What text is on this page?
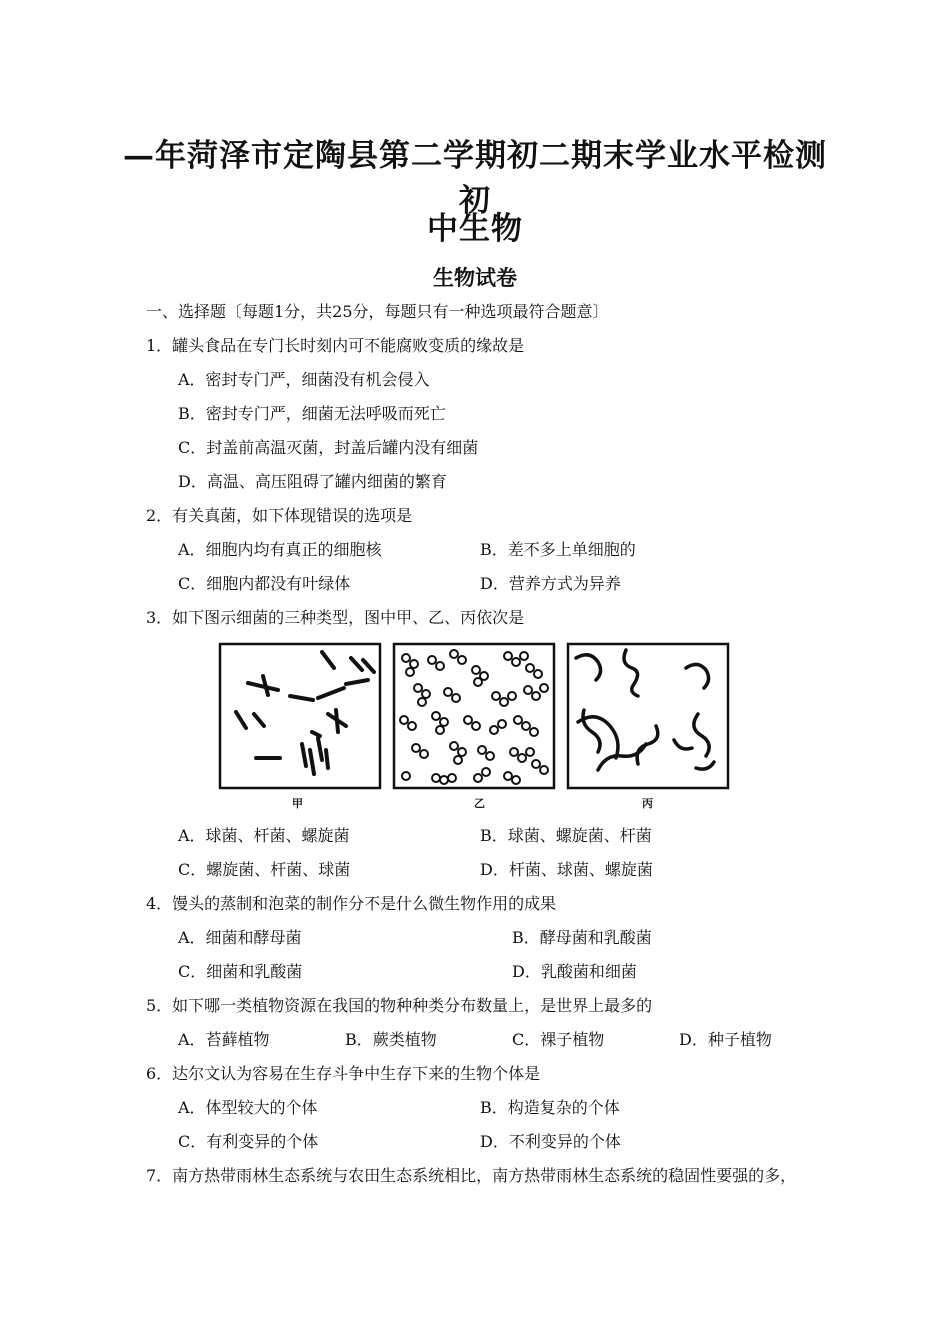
—年菏泽市定陶县第二学期初二期末学业水平检测初
中生物
生物试卷
一、选择题〔每题1分，共25分，每题只有一种选项最符合题意〕
1．罐头食品在专门长时刻内可不能腐败变质的缘故是
A．密封专门严，细菌没有机会侵入
B．密封专门严，细菌无法呼吸而死亡
C．封盖前高温灭菌，封盖后罐内没有细菌
D．高温、高压阻碍了罐内细菌的繁育
2．有关真菌，如下体现错误的选项是
A．细胞内均有真正的细胞核	B．差不多上单细胞的
C．细胞内都没有叶绿体	D．营养方式为异养
3．如下图示细菌的三种类型，图中甲、乙、丙依次是
甲	乙	丙
A．球菌、杆菌、螺旋菌	B．球菌、螺旋菌、杆菌
C．螺旋菌、杆菌、球菌	D．杆菌、球菌、螺旋菌
4．馒头的蒸制和泡菜的制作分不是什么微生物作用的成果
A．细菌和酵母菌	B．酵母菌和乳酸菌
C．细菌和乳酸菌	D．乳酸菌和细菌
5．如下哪一类植物资源在我国的物种种类分布数量上，是世界上最多的
A．苔藓植物	B．蕨类植物	C．裸子植物	D．种子植物
6．达尔文认为容易在生存斗争中生存下来的生物个体是
A．体型较大的个体	B．构造复杂的个体
C．有利变异的个体	D．不利变异的个体
7．南方热带雨林生态系统与农田生态系统相比，南方热带雨林生态系统的稳固性要强的多，
